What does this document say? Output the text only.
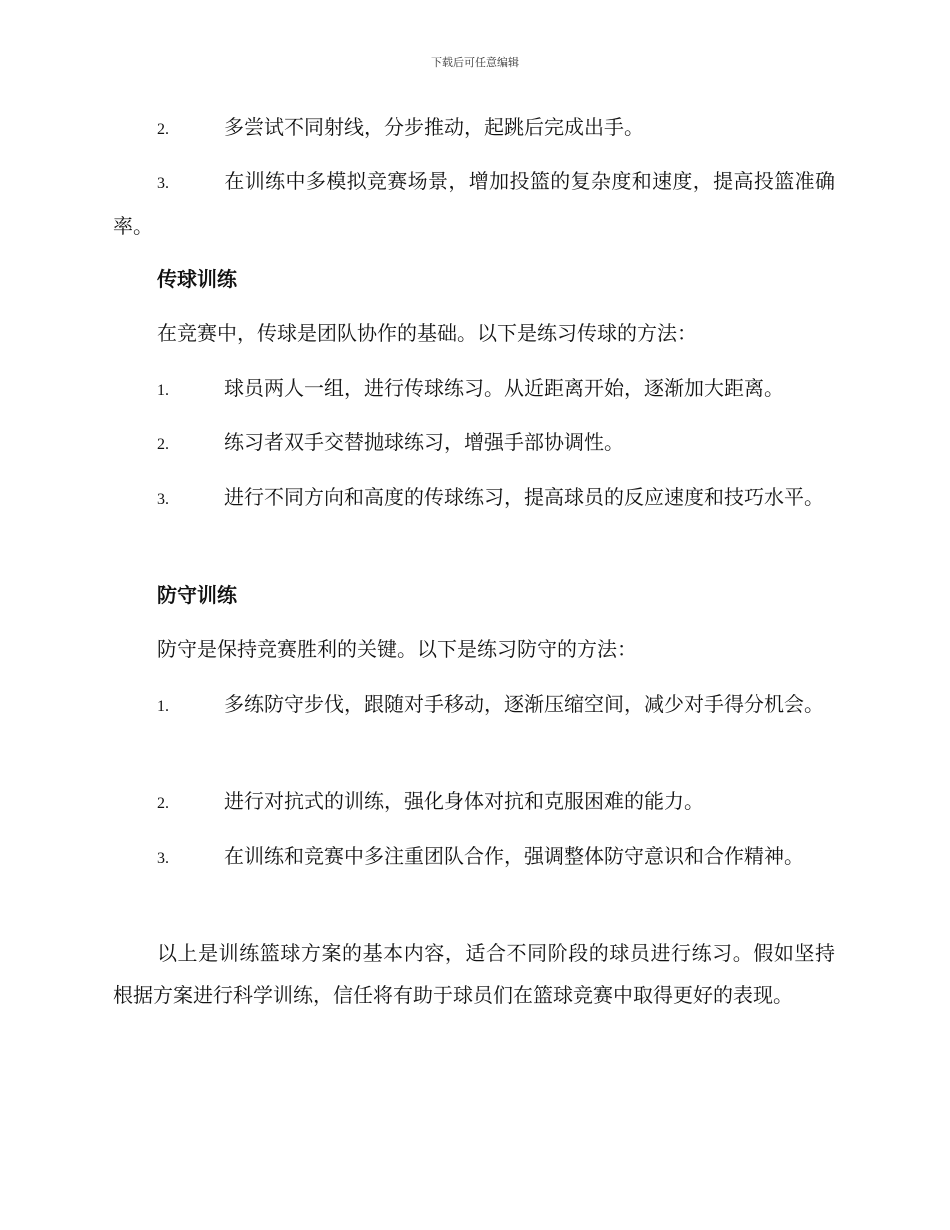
下载后可任意编辑

2.	多尝试不同射线，分步推动，起跳后完成出手。

3.	在训练中多模拟竞赛场景，增加投篮的复杂度和速度，提高投篮准确率。

传球训练

在竞赛中，传球是团队协作的基础。以下是练习传球的方法：

1.	球员两人一组，进行传球练习。从近距离开始，逐渐加大距离。

2.	练习者双手交替抛球练习，增强手部协调性。

3.	进行不同方向和高度的传球练习，提高球员的反应速度和技巧水平。

防守训练

防守是保持竞赛胜利的关键。以下是练习防守的方法：

1.	多练防守步伐，跟随对手移动，逐渐压缩空间，减少对手得分机会。

2.	进行对抗式的训练，强化身体对抗和克服困难的能力。

3.	在训练和竞赛中多注重团队合作，强调整体防守意识和合作精神。

以上是训练篮球方案的基本内容，适合不同阶段的球员进行练习。假如坚持根据方案进行科学训练，信任将有助于球员们在篮球竞赛中取得更好的表现。
